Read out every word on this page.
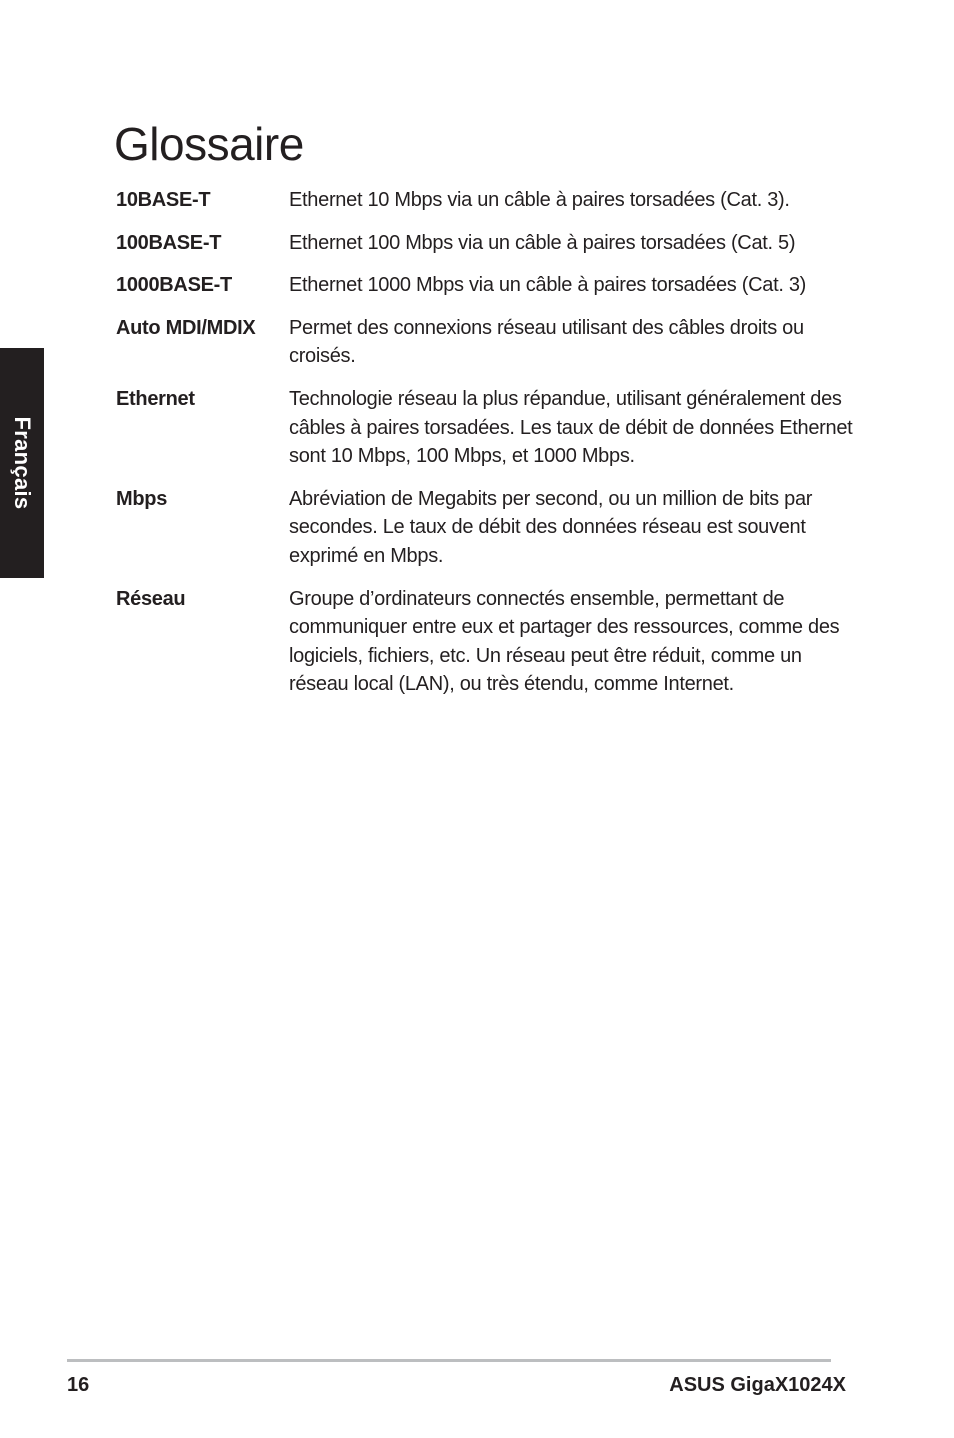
Français
Glossaire
10BASE-T	Ethernet 10 Mbps via un câble à paires torsadées (Cat. 3).
100BASE-T	Ethernet 100 Mbps via un câble à paires torsadées (Cat. 5)
1000BASE-T	Ethernet 1000 Mbps via un câble à paires torsadées (Cat. 3)
Auto MDI/MDIX	Permet des connexions réseau utilisant des câbles droits ou croisés.
Ethernet	Technologie réseau la plus répandue, utilisant généralement des câbles à paires torsadées. Les taux de débit de données Ethernet sont 10 Mbps, 100 Mbps, et 1000 Mbps.
Mbps	Abréviation de Megabits per second, ou un million de bits par secondes. Le taux de débit des données réseau est souvent exprimé en Mbps.
Réseau	Groupe d’ordinateurs connectés ensemble, permettant de communiquer entre eux et partager des ressources, comme des logiciels, fichiers, etc. Un réseau peut être réduit, comme un réseau local (LAN), ou très étendu, comme Internet.
16	ASUS GigaX1024X
